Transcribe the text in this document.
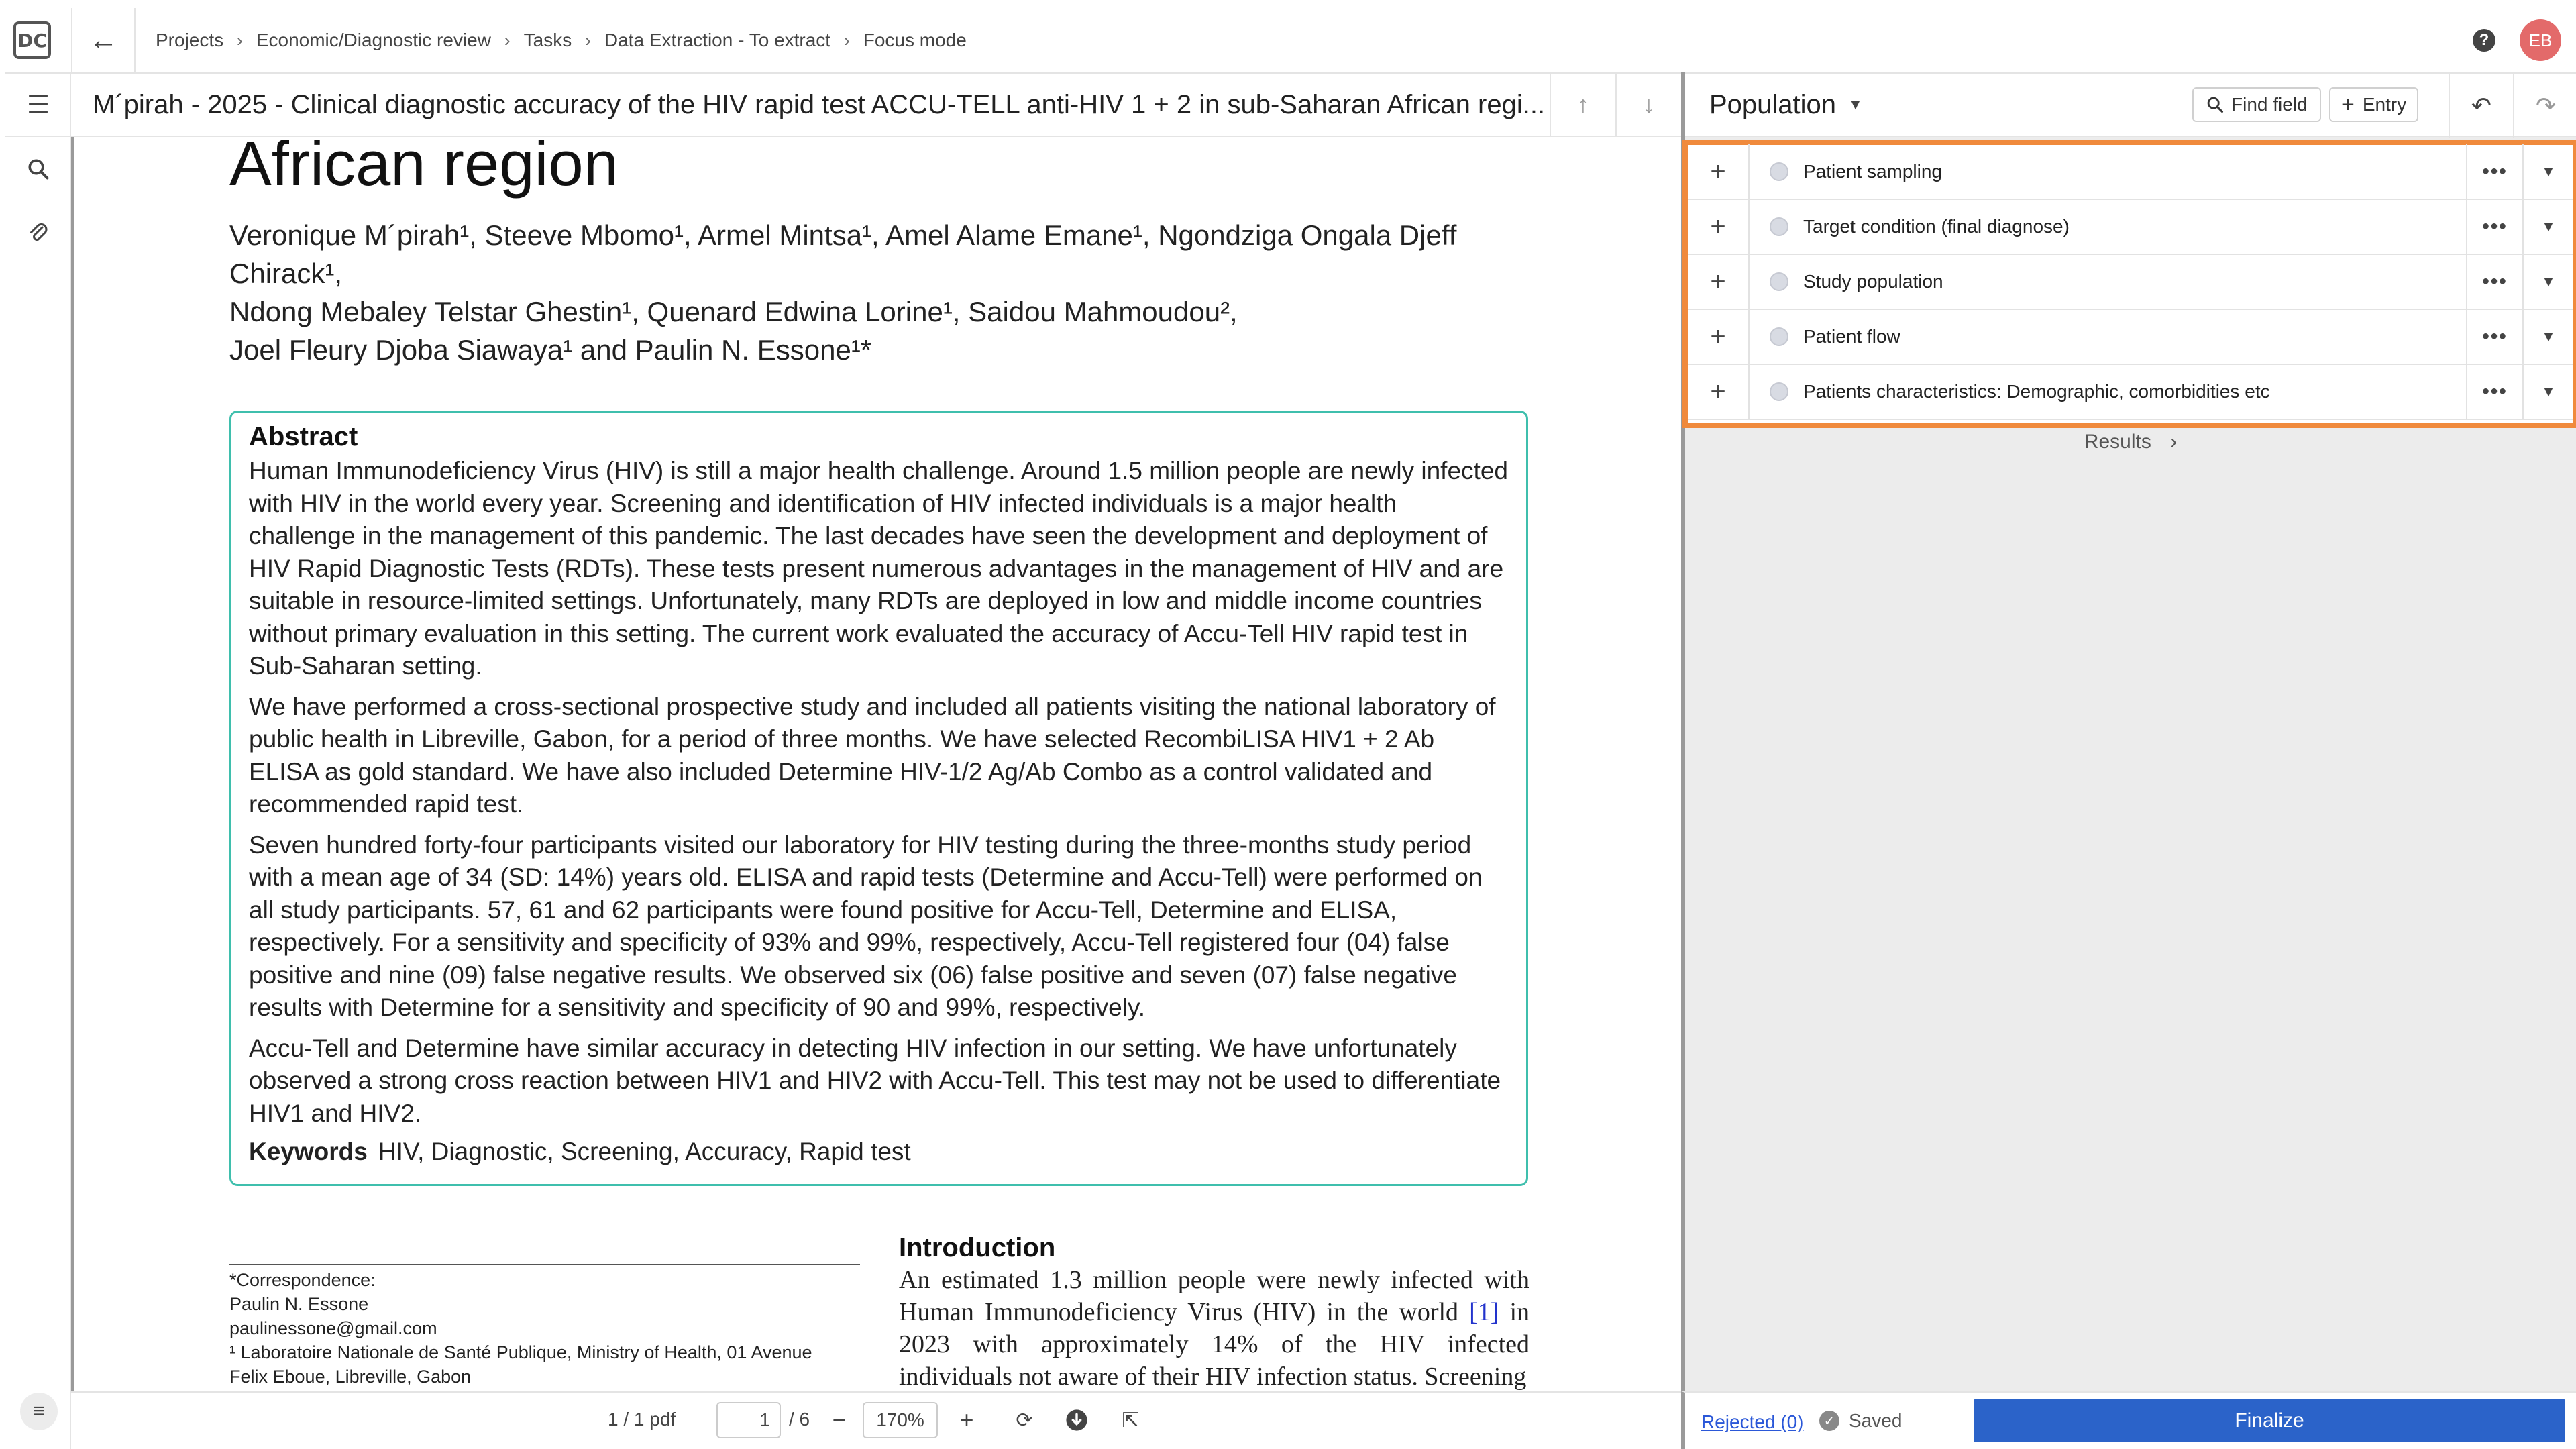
DC ← Projects › Economic/Diagnostic review › Tasks › Data Extraction - To extract › Focus mode	?	EB
☰
≡
M´pirah - 2025 - Clinical diagnostic accuracy of the HIV rapid test ACCU-TELL anti-HIV 1 + 2 in sub-Saharan African regi... ↑ ↓
African region
Veronique M´pirah¹, Steeve Mbomo¹, Armel Mintsa¹, Amel Alame Emane¹, Ngondziga Ongala Djeff Chirack¹,
Ndong Mebaley Telstar Ghestin¹, Quenard Edwina Lorine¹, Saidou Mahmoudou²,
Joel Fleury Djoba Siawaya¹ and Paulin N. Essone¹*
Abstract
Human Immunodeficiency Virus (HIV) is still a major health challenge. Around 1.5 million people are newly infected with HIV in the world every year. Screening and identification of HIV infected individuals is a major health challenge in the management of this pandemic. The last decades have seen the development and deployment of HIV Rapid Diagnostic Tests (RDTs). These tests present numerous advantages in the management of HIV and are suitable in resource-limited settings. Unfortunately, many RDTs are deployed in low and middle income countries without primary evaluation in this setting. The current work evaluated the accuracy of Accu-Tell HIV rapid test in Sub-Saharan setting.
We have performed a cross-sectional prospective study and included all patients visiting the national laboratory of public health in Libreville, Gabon, for a period of three months. We have selected RecombiLISA HIV1 + 2 Ab ELISA as gold standard. We have also included Determine HIV-1/2 Ag/Ab Combo as a control validated and recommended rapid test.
Seven hundred forty-four participants visited our laboratory for HIV testing during the three-months study period with a mean age of 34 (SD: 14%) years old. ELISA and rapid tests (Determine and Accu-Tell) were performed on all study participants. 57, 61 and 62 participants were found positive for Accu-Tell, Determine and ELISA, respectively. For a sensitivity and specificity of 93% and 99%, respectively, Accu-Tell registered four (04) false positive and nine (09) false negative results. We observed six (06) false positive and seven (07) false negative results with Determine for a sensitivity and specificity of 90 and 99%, respectively.
Accu-Tell and Determine have similar accuracy in detecting HIV infection in our setting. We have unfortunately observed a strong cross reaction between HIV1 and HIV2 with Accu-Tell. This test may not be used to differentiate HIV1 and HIV2.
Keywords HIV, Diagnostic, Screening, Accuracy, Rapid test
*Correspondence:
Paulin N. Essone
paulinessone@gmail.com
¹ Laboratoire Nationale de Santé Publique, Ministry of Health, 01 Avenue
Felix Eboue, Libreville, Gabon
Introduction
An estimated 1.3 million people were newly infected with Human Immunodeficiency Virus (HIV) in the world [1] in 2023 with approximately 14% of the HIV infected individuals not aware of their HIV infection status. Screening
1 / 1 pdf	1	/ 6 −	170%	+ ⟳	⇱
Population ▼	Find field + Entry	↶ ↷
+	Patient sampling	••• ▼
+	Target condition (final diagnose)	••• ▼
+	Study population	••• ▼
+	Patient flow	••• ▼
+	Patients characteristics: Demographic, comorbidities etc	••• ▼
Results ›
Rejected (0)	✓ Saved	Finalize
